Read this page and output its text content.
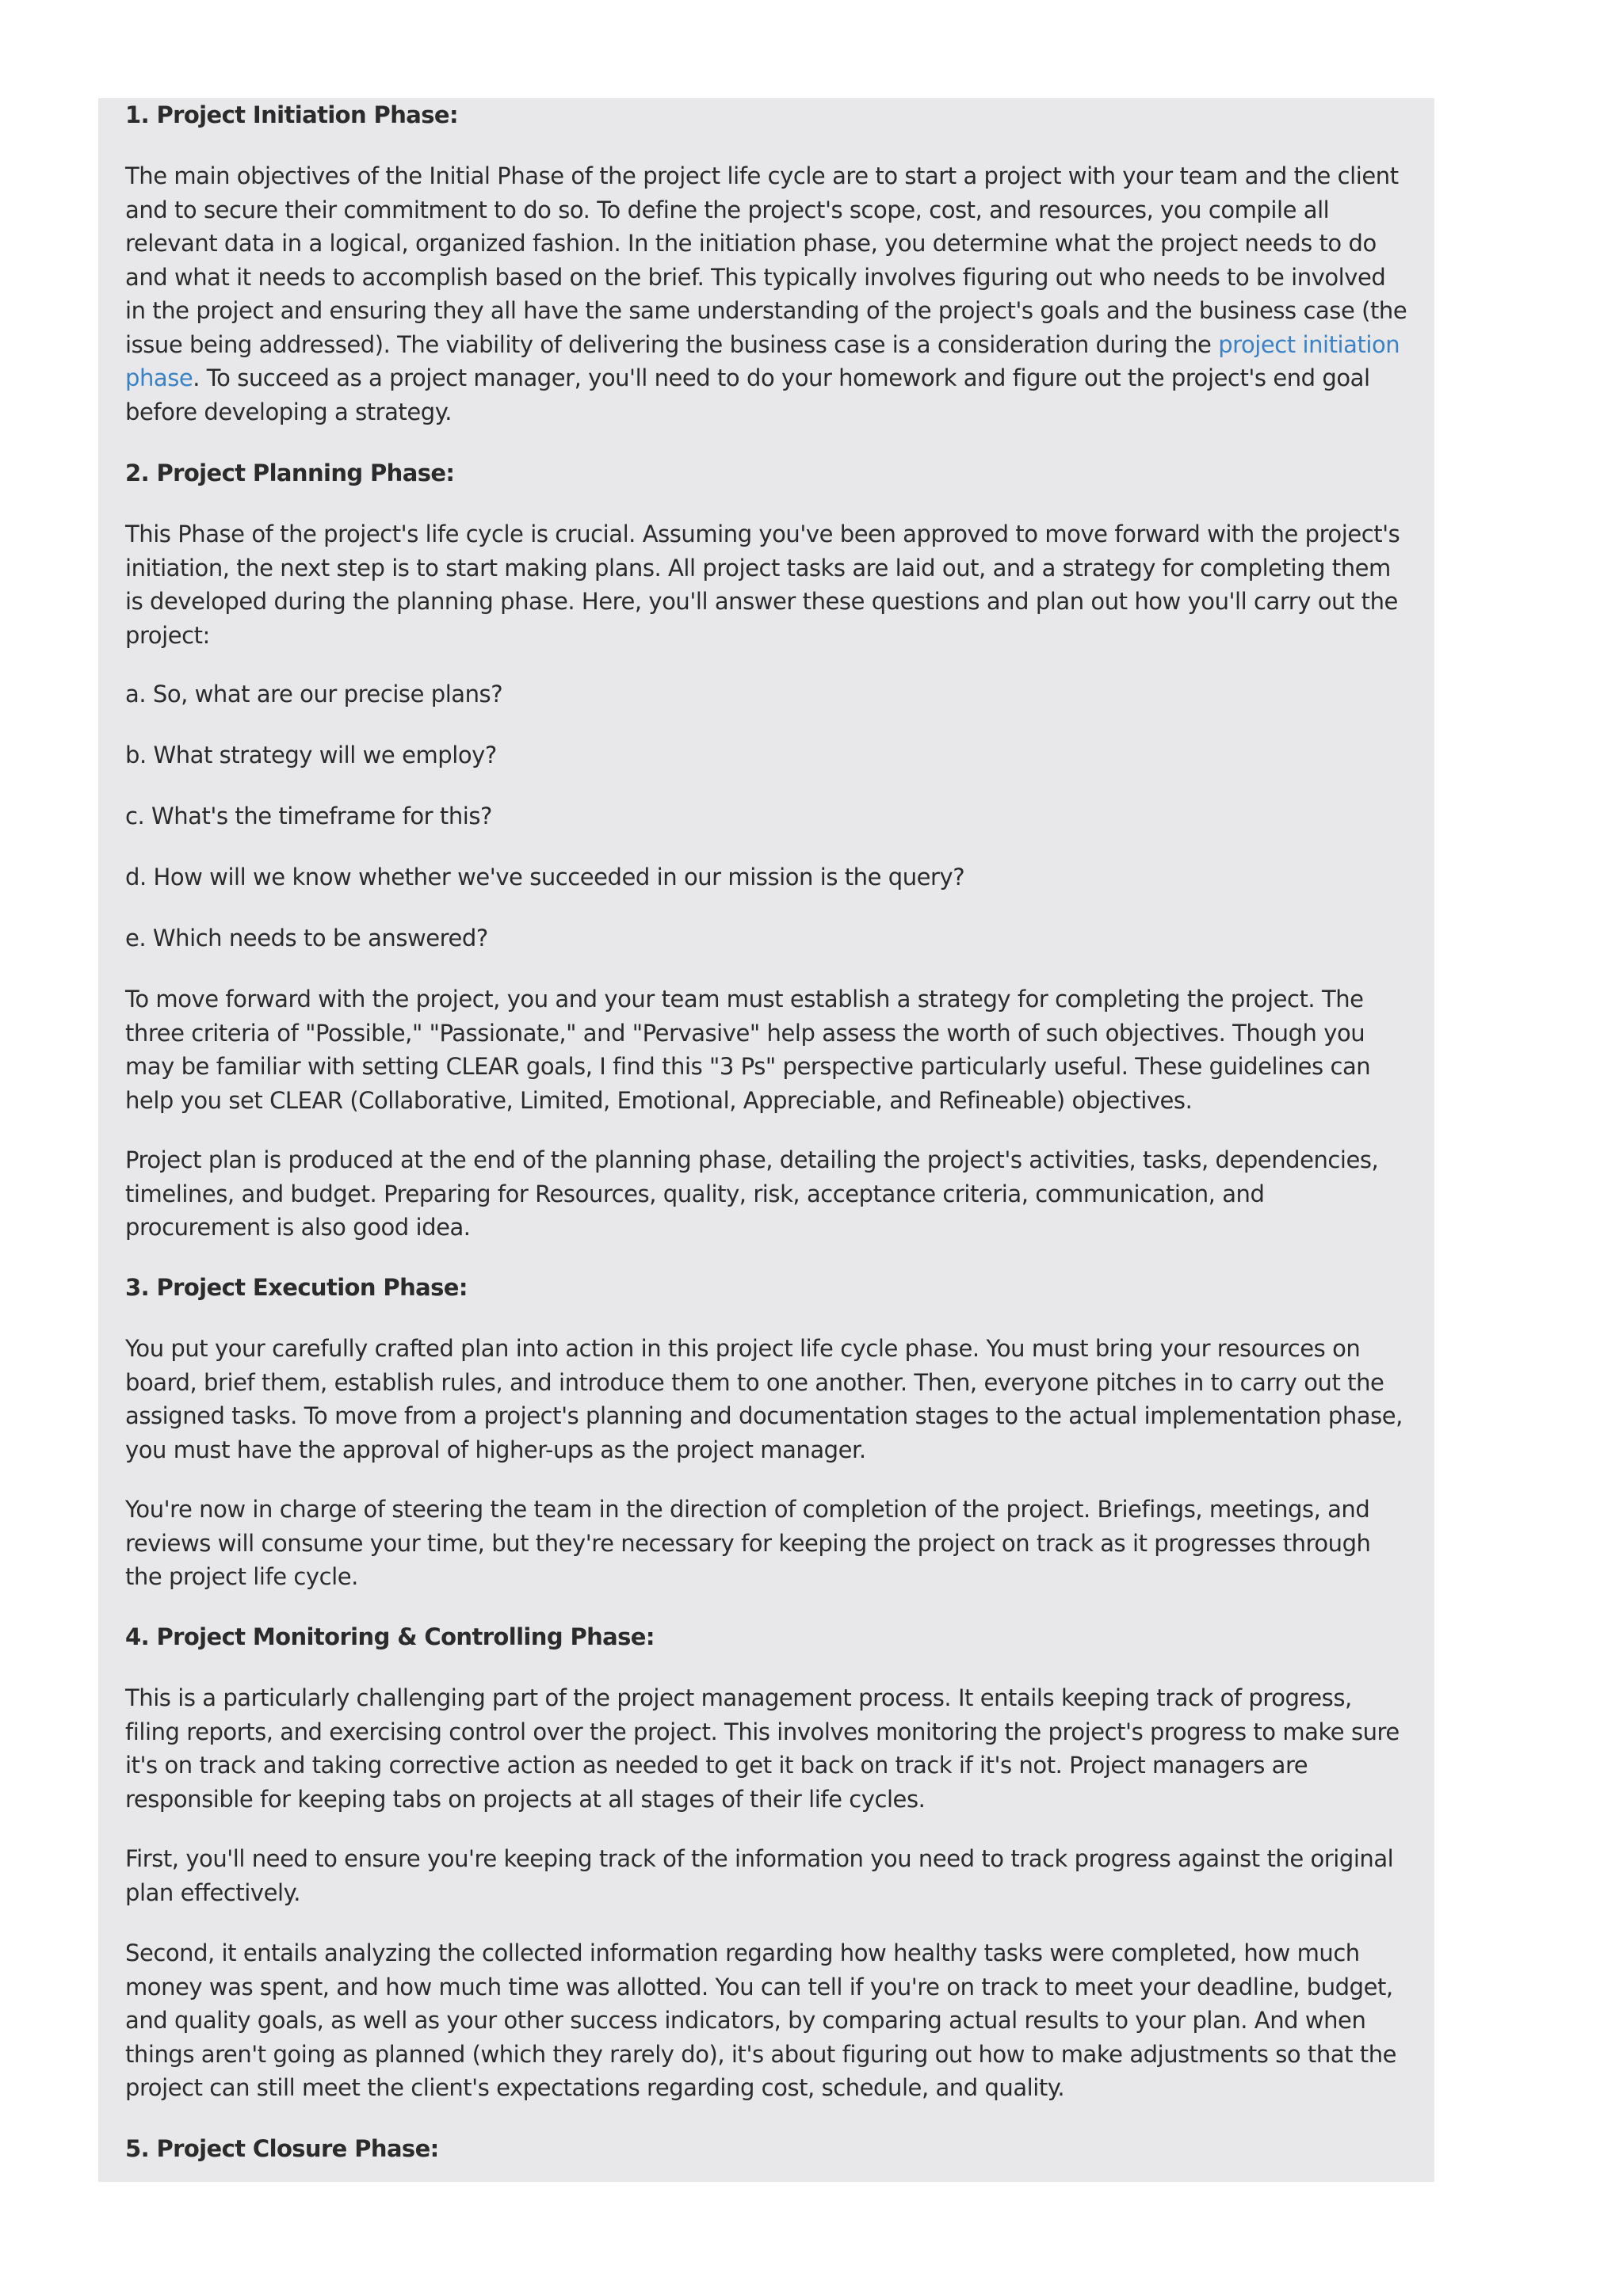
1. Project Initiation Phase:

The main objectives of the Initial Phase of the project life cycle are to start a project with your team and the client and to secure their commitment to do so. To define the project's scope, cost, and resources, you compile all relevant data in a logical, organized fashion. In the initiation phase, you determine what the project needs to do and what it needs to accomplish based on the brief. This typically involves figuring out who needs to be involved in the project and ensuring they all have the same understanding of the project's goals and the business case (the issue being addressed). The viability of delivering the business case is a consideration during the project initiation phase. To succeed as a project manager, you'll need to do your homework and figure out the project's end goal before developing a strategy.

2. Project Planning Phase:

This Phase of the project's life cycle is crucial. Assuming you've been approved to move forward with the project's initiation, the next step is to start making plans. All project tasks are laid out, and a strategy for completing them is developed during the planning phase. Here, you'll answer these questions and plan out how you'll carry out the project:

a. So, what are our precise plans?

b. What strategy will we employ?

c. What's the timeframe for this?

d. How will we know whether we've succeeded in our mission is the query?

e. Which needs to be answered?

To move forward with the project, you and your team must establish a strategy for completing the project. The three criteria of "Possible," "Passionate," and "Pervasive" help assess the worth of such objectives. Though you may be familiar with setting CLEAR goals, I find this "3 Ps" perspective particularly useful. These guidelines can help you set CLEAR (Collaborative, Limited, Emotional, Appreciable, and Refineable) objectives.

Project plan is produced at the end of the planning phase, detailing the project's activities, tasks, dependencies, timelines, and budget. Preparing for Resources, quality, risk, acceptance criteria, communication, and procurement is also good idea.

3. Project Execution Phase:

You put your carefully crafted plan into action in this project life cycle phase. You must bring your resources on board, brief them, establish rules, and introduce them to one another. Then, everyone pitches in to carry out the assigned tasks. To move from a project's planning and documentation stages to the actual implementation phase, you must have the approval of higher-ups as the project manager.

You're now in charge of steering the team in the direction of completion of the project. Briefings, meetings, and reviews will consume your time, but they're necessary for keeping the project on track as it progresses through the project life cycle.

4. Project Monitoring & Controlling Phase:

This is a particularly challenging part of the project management process. It entails keeping track of progress, filing reports, and exercising control over the project. This involves monitoring the project's progress to make sure it's on track and taking corrective action as needed to get it back on track if it's not. Project managers are responsible for keeping tabs on projects at all stages of their life cycles.

First, you'll need to ensure you're keeping track of the information you need to track progress against the original plan effectively.

Second, it entails analyzing the collected information regarding how healthy tasks were completed, how much money was spent, and how much time was allotted. You can tell if you're on track to meet your deadline, budget, and quality goals, as well as your other success indicators, by comparing actual results to your plan. And when things aren't going as planned (which they rarely do), it's about figuring out how to make adjustments so that the project can still meet the client's expectations regarding cost, schedule, and quality.

5. Project Closure Phase:
